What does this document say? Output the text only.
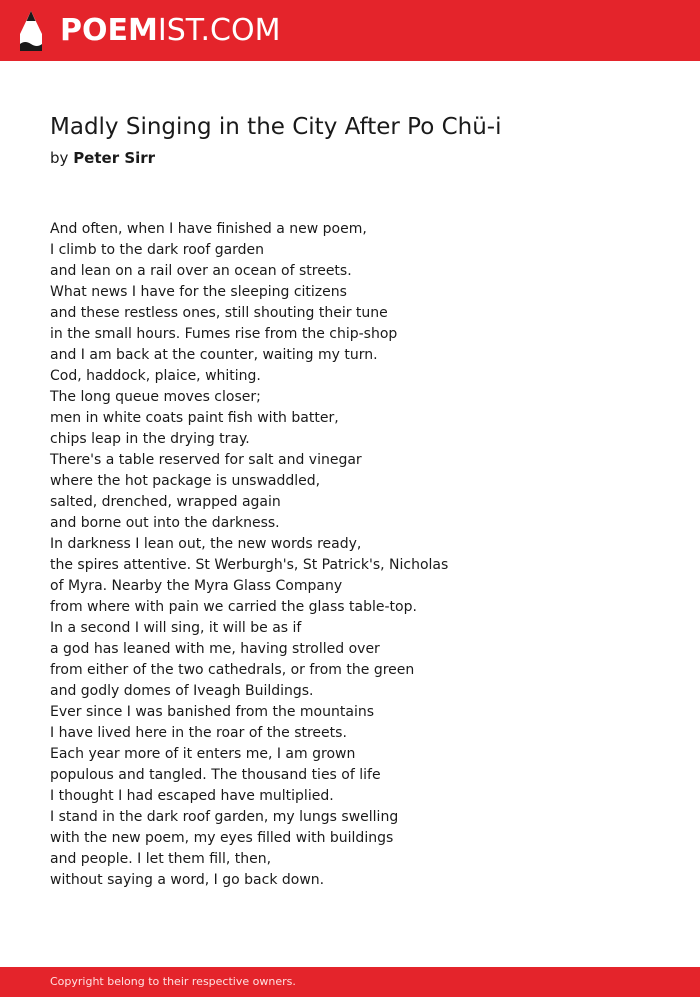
POEMIST.COM
Madly Singing in the City After Po Chü-i
by Peter Sirr
And often, when I have finished a new poem,
I climb to the dark roof garden
and lean on a rail over an ocean of streets.
What news I have for the sleeping citizens
and these restless ones, still shouting their tune
in the small hours. Fumes rise from the chip-shop
and I am back at the counter, waiting my turn.
Cod, haddock, plaice, whiting.
The long queue moves closer;
men in white coats paint fish with batter,
chips leap in the drying tray.
There's a table reserved for salt and vinegar
where the hot package is unswaddled,
salted, drenched, wrapped again
and borne out into the darkness.
In darkness I lean out, the new words ready,
the spires attentive. St Werburgh's, St Patrick's, Nicholas
of Myra. Nearby the Myra Glass Company
from where with pain we carried the glass table-top.
In a second I will sing, it will be as if
a god has leaned with me, having strolled over
from either of the two cathedrals, or from the green
and godly domes of Iveagh Buildings.
Ever since I was banished from the mountains
I have lived here in the roar of the streets.
Each year more of it enters me, I am grown
populous and tangled. The thousand ties of life
I thought I had escaped have multiplied.
I stand in the dark roof garden, my lungs swelling
with the new poem, my eyes filled with buildings
and people. I let them fill, then,
without saying a word, I go back down.
Copyright belong to their respective owners.
